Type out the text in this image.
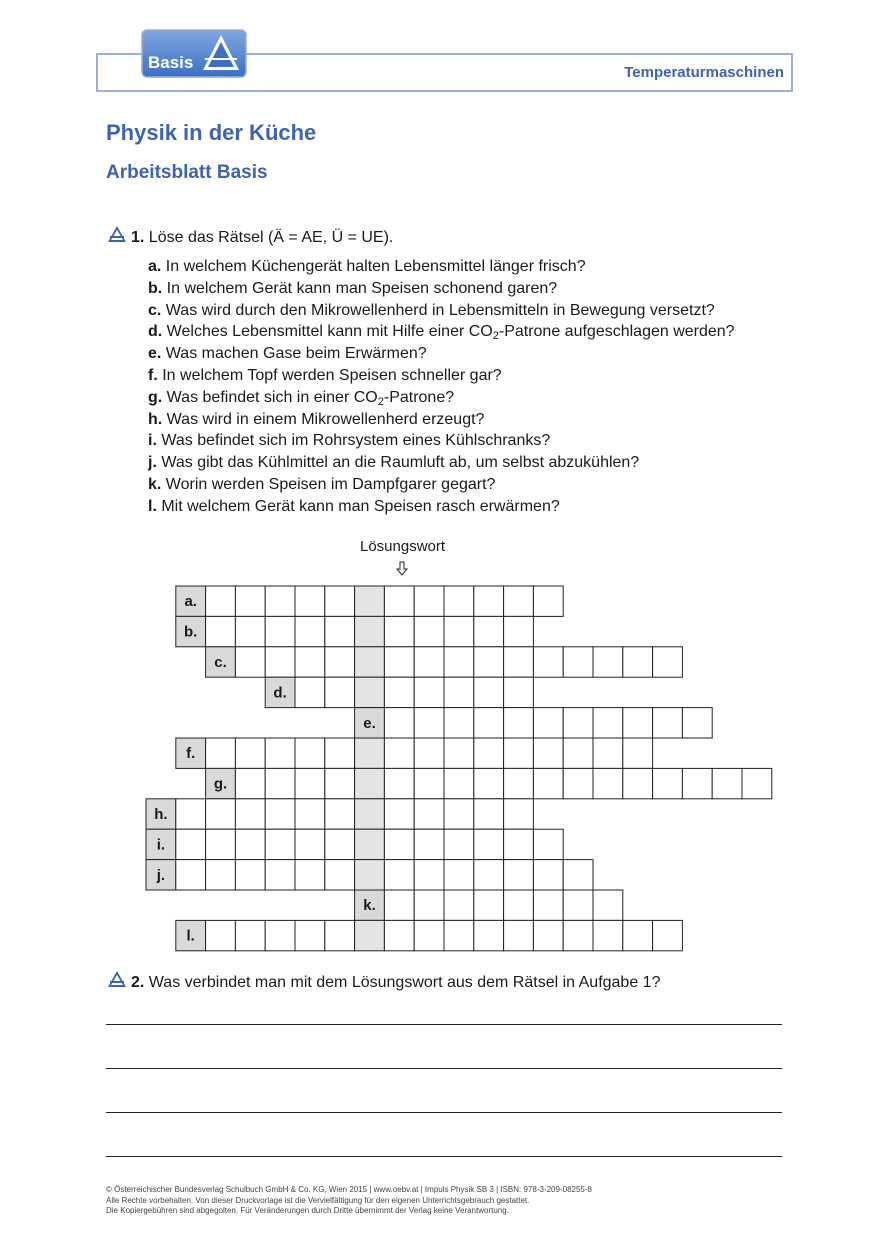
Basis
Temperaturmaschinen
Physik in der Küche
Arbeitsblatt Basis
1. Löse das Rätsel (Ä = AE, Ü = UE).
a. In welchem Küchengerät halten Lebensmittel länger frisch?
b. In welchem Gerät kann man Speisen schonend garen?
c. Was wird durch den Mikrowellenherd in Lebensmitteln in Bewegung versetzt?
d. Welches Lebensmittel kann mit Hilfe einer $CO_2$-Patrone aufgeschlagen werden?
e. Was machen Gase beim Erwärmen?
f. In welchem Topf werden Speisen schneller gar?
g. Was befindet sich in einer $CO_2$-Patrone?
h. Was wird in einem Mikrowellenherd erzeugt?
i. Was befindet sich im Rohrsystem eines Kühlschranks?
j. Was gibt das Kühlmittel an die Raumluft ab, um selbst abzukühlen?
k. Worin werden Speisen im Dampfgarer gegart?
l. Mit welchem Gerät kann man Speisen rasch erwärmen?
Lösungswort
a.
b.
c.
d.
e.
f.
g.
h.
i.
j.
k.
l.
2. Was verbindet man mit dem Lösungswort aus dem Rätsel in Aufgabe 1?
© Österreichischer Bundesverlag Schulbuch GmbH & Co. KG, Wien 2015 | www.oebv.at | Impuls Physik SB 3 | ISBN: 978-3-209-08255-8
Alle Rechte vorbehalten. Von dieser Druckvorlage ist die Vervielfältigung für den eigenen Unterrichtsgebrauch gestattet.
Die Kopiergebühren sind abgegolten. Für Veränderungen durch Dritte übernimmt der Verlag keine Verantwortung.
